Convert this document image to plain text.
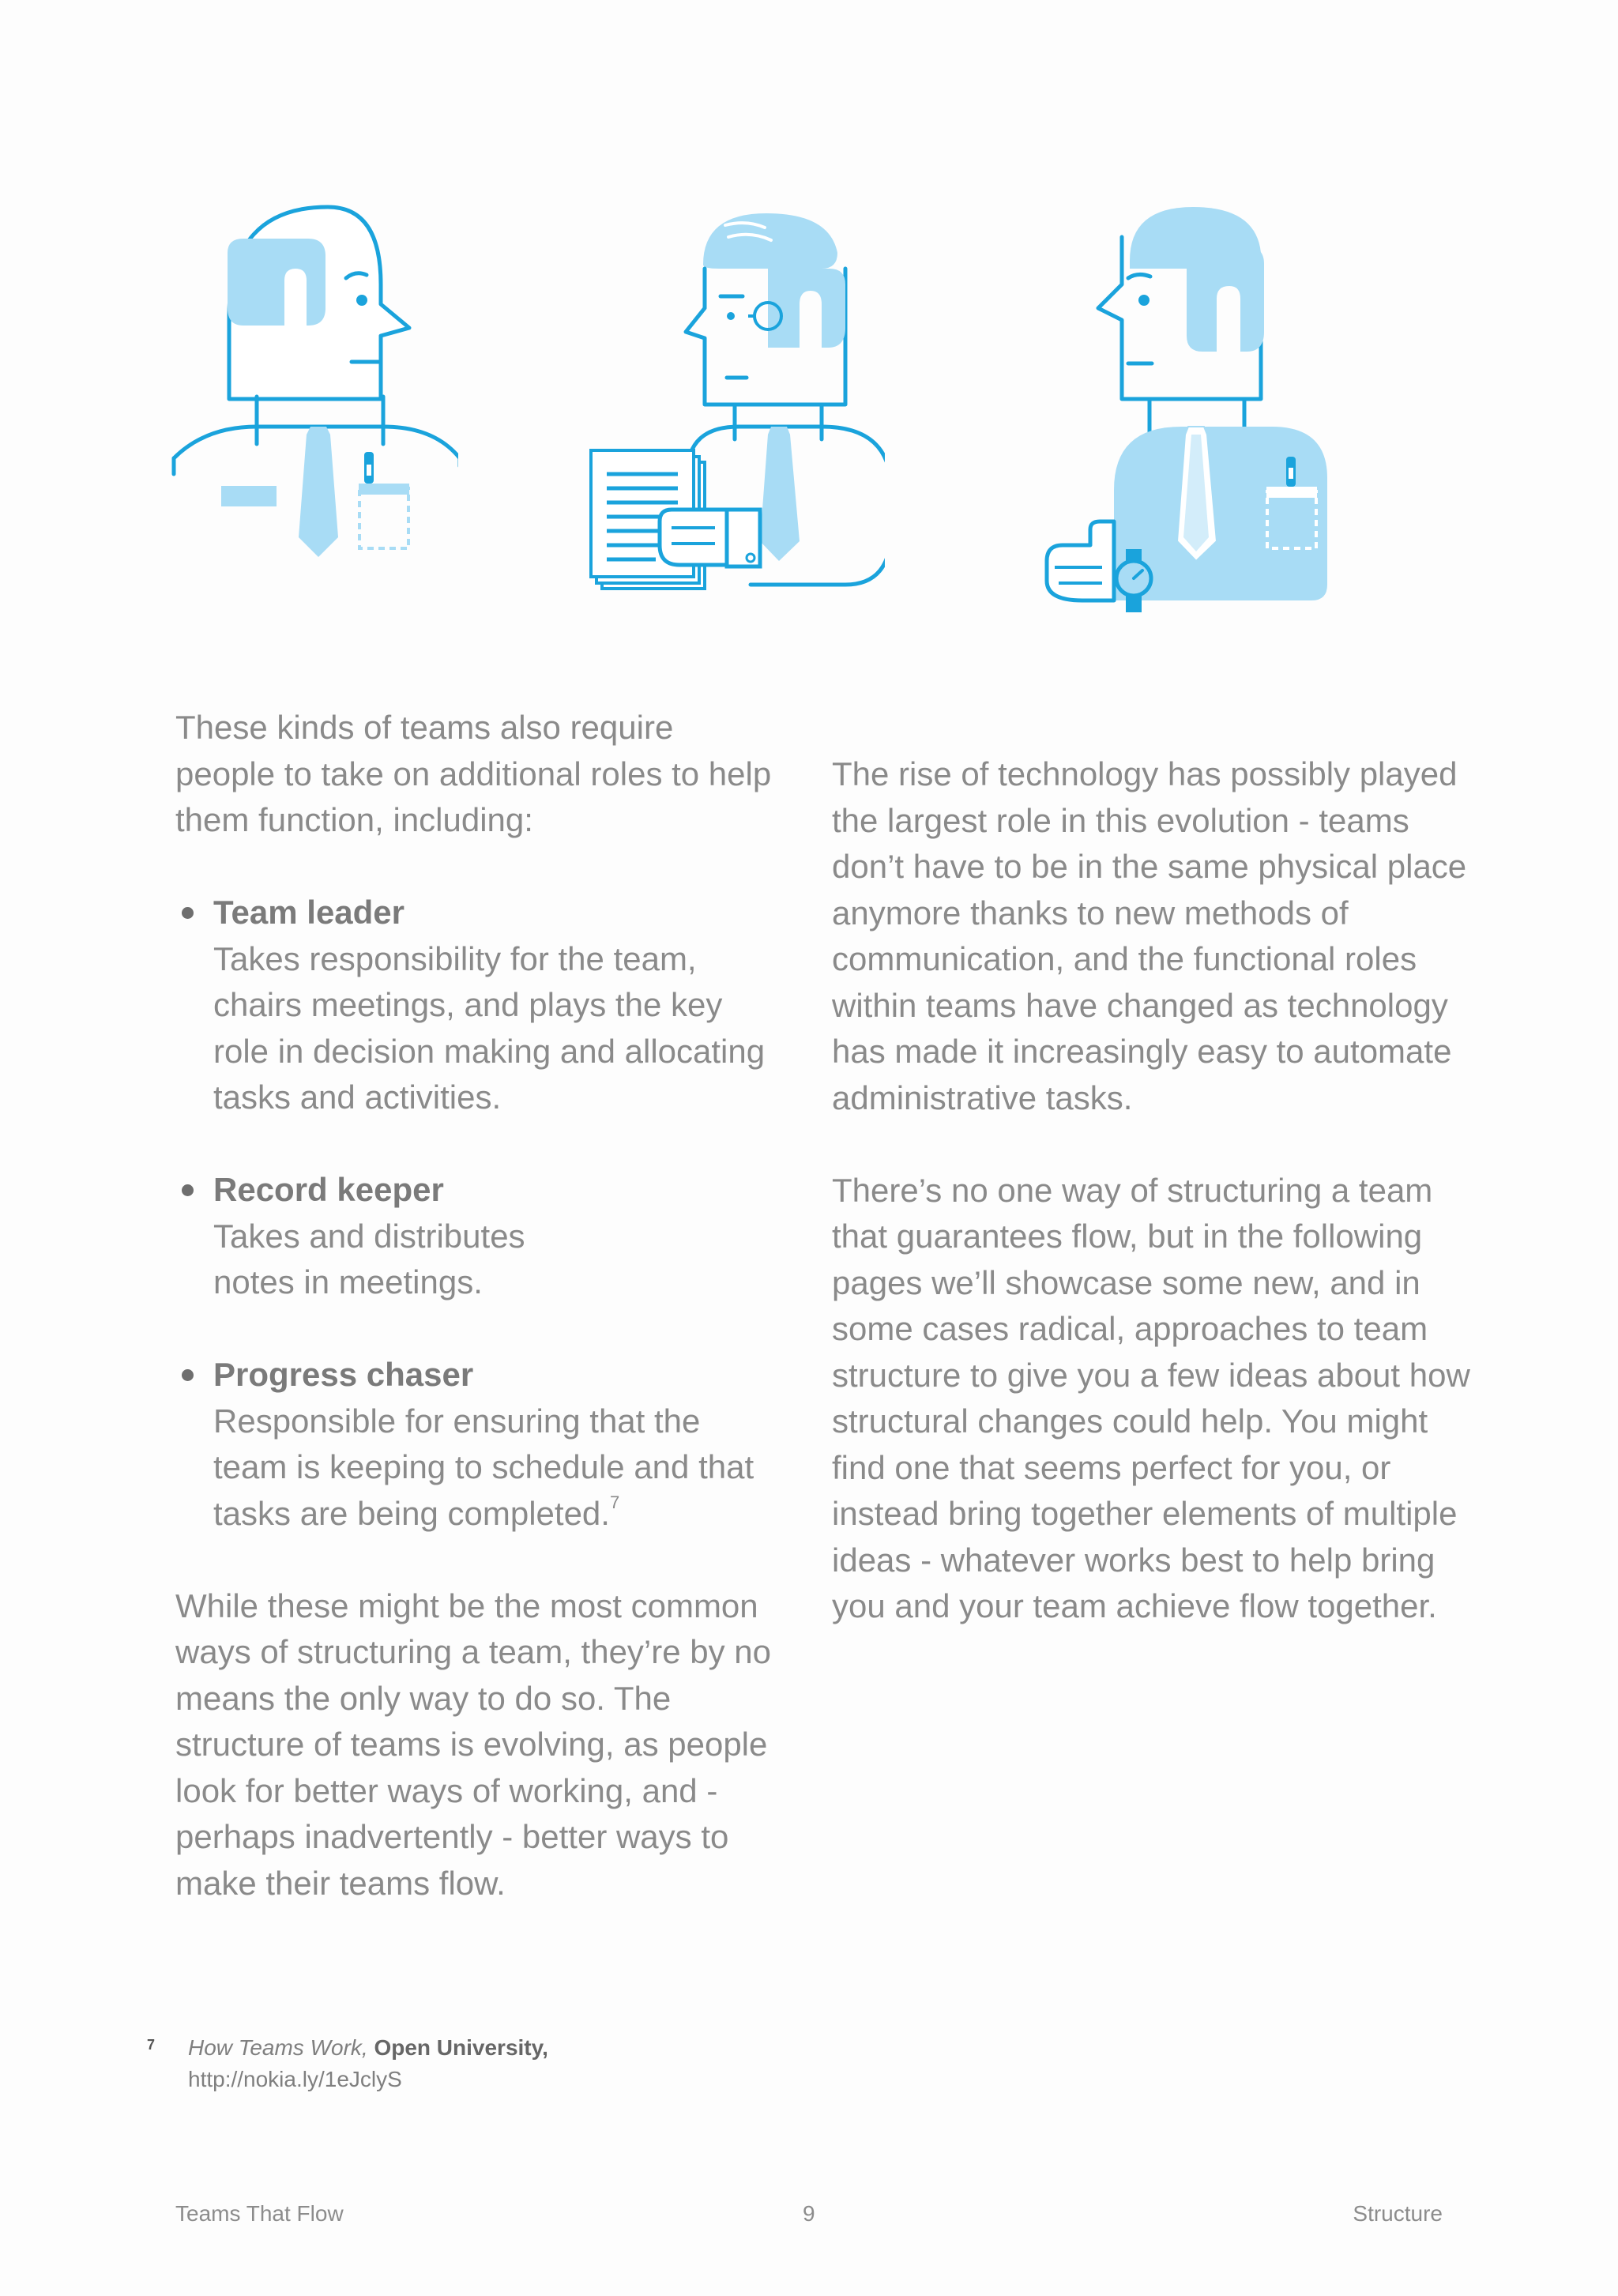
These kinds of teams also require people to take on additional roles to help them function, including:

Team leader
Takes responsibility for the team, chairs meetings, and plays the key role in decision making and allocating tasks and activities.
Record keeper
Takes and distributes
notes in meetings.
Progress chaser
Responsible for ensuring that the team is keeping to schedule and that tasks are being completed.$^7$

While these might be the most common ways of structuring a team, they’re by no means the only way to do so. The structure of teams is evolving, as people look for better ways of working, and - perhaps inadvertently - better ways to make their teams flow.

The rise of technology has possibly played the largest role in this evolution - teams don’t have to be in the same physical place anymore thanks to new methods of communication, and the functional roles within teams have changed as technology has made it increasingly easy to automate administrative tasks.

There’s no one way of structuring a team that guarantees flow, but in the following pages we’ll showcase some new, and in some cases radical, approaches to team structure to give you a few ideas about how structural changes could help. You might find one that seems perfect for you, or instead bring together elements of multiple ideas - whatever works best to help bring you and your team achieve flow together.

7 How Teams Work, Open University,
http://nokia.ly/1eJclyS
Teams That Flow	9	Structure
